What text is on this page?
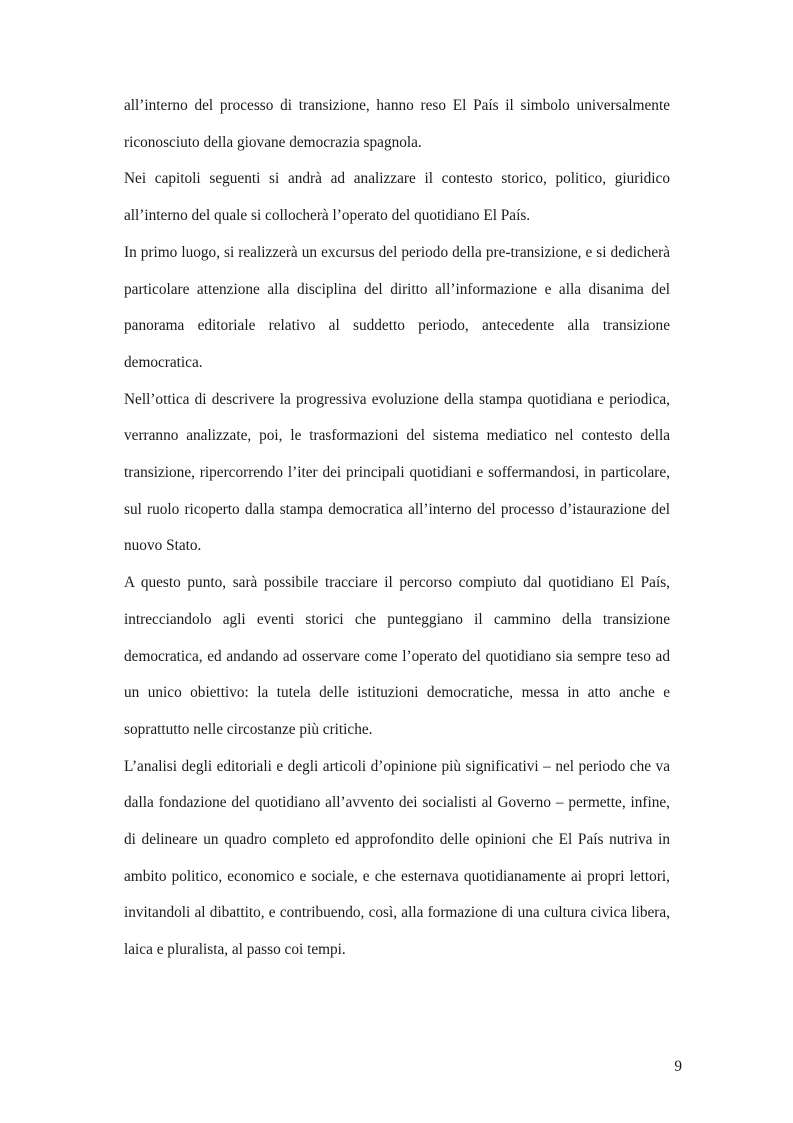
all’interno del processo di transizione, hanno reso El País il simbolo universalmente riconosciuto della giovane democrazia spagnola.

Nei capitoli seguenti si andrà ad analizzare il contesto storico, politico, giuridico all’interno del quale si collocherà l’operato del quotidiano El País.

In primo luogo, si realizzerà un excursus del periodo della pre-transizione, e si dedicherà particolare attenzione alla disciplina del diritto all’informazione e alla disanima del panorama editoriale relativo al suddetto periodo, antecedente alla transizione democratica.

Nell’ottica di descrivere la progressiva evoluzione della stampa quotidiana e periodica, verranno analizzate, poi, le trasformazioni del sistema mediatico nel contesto della transizione, ripercorrendo l’iter dei principali quotidiani e soffermandosi, in particolare, sul ruolo ricoperto dalla stampa democratica all’interno del processo d’istaurazione del nuovo Stato.

A questo punto, sarà possibile tracciare il percorso compiuto dal quotidiano El País, intrecciandolo agli eventi storici che punteggiano il cammino della transizione democratica, ed andando ad osservare come l’operato del quotidiano sia sempre teso ad un unico obiettivo: la tutela delle istituzioni democratiche, messa in atto anche e soprattutto nelle circostanze più critiche.

L’analisi degli editoriali e degli articoli d’opinione più significativi – nel periodo che va dalla fondazione del quotidiano all’avvento dei socialisti al Governo – permette, infine, di delineare un quadro completo ed approfondito delle opinioni che El País nutriva in ambito politico, economico e sociale, e che esternava quotidianamente ai propri lettori, invitandoli al dibattito, e contribuendo, così, alla formazione di una cultura civica libera, laica e pluralista, al passo coi tempi.

9
